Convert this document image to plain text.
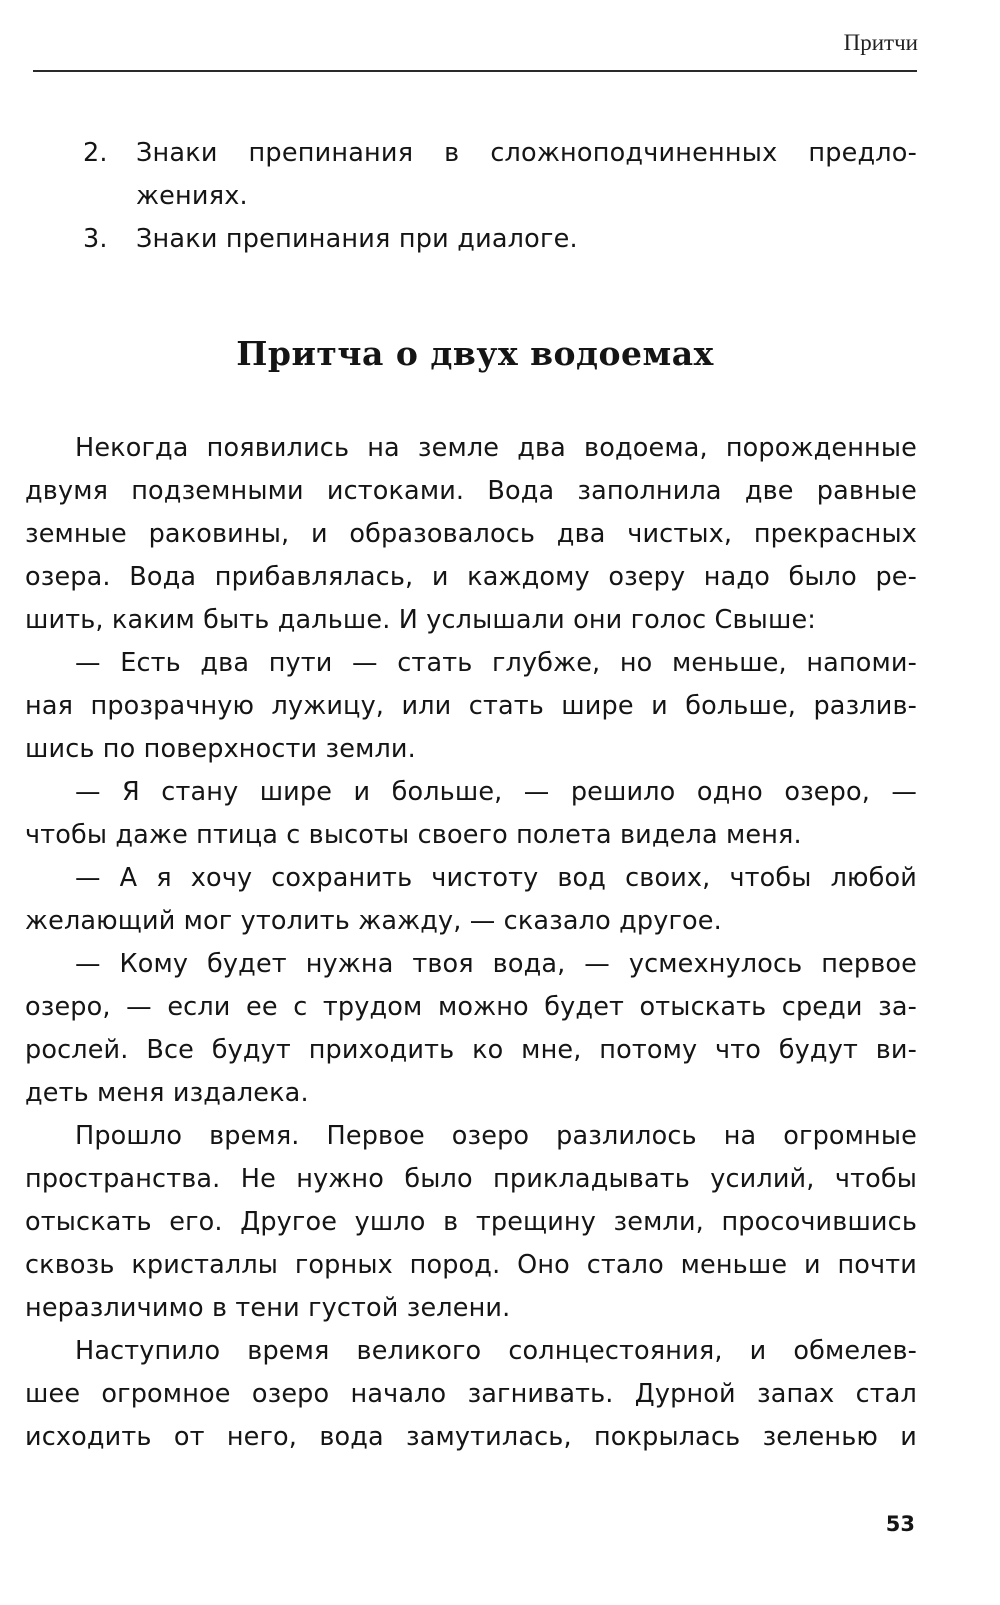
Притчи
2. Знаки препинания в сложноподчиненных предло-
жениях.
3. Знаки препинания при диалоге.
Притча о двух водоемах
Некогда появились на земле два водоема, порожденные
двумя подземными истоками. Вода заполнила две равные
земные раковины, и образовалось два чистых, прекрасных
озера. Вода прибавлялась, и каждому озеру надо было ре-
шить, каким быть дальше. И услышали они голос Свыше:
— Есть два пути — стать глубже, но меньше, напоми-
ная прозрачную лужицу, или стать шире и больше, разлив-
шись по поверхности земли.
— Я стану шире и больше, — решило одно озеро, —
чтобы даже птица с высоты своего полета видела меня.
— А я хочу сохранить чистоту вод своих, чтобы любой
желающий мог утолить жажду, — сказало другое.
— Кому будет нужна твоя вода, — усмехнулось первое
озеро, — если ее с трудом можно будет отыскать среди за-
рослей. Все будут приходить ко мне, потому что будут ви-
деть меня издалека.
Прошло время. Первое озеро разлилось на огромные
пространства. Не нужно было прикладывать усилий, чтобы
отыскать его. Другое ушло в трещину земли, просочившись
сквозь кристаллы горных пород. Оно стало меньше и почти
неразличимо в тени густой зелени.
Наступило время великого солнцестояния, и обмелев-
шее огромное озеро начало загнивать. Дурной запах стал
исходить от него, вода замутилась, покрылась зеленью и
53
